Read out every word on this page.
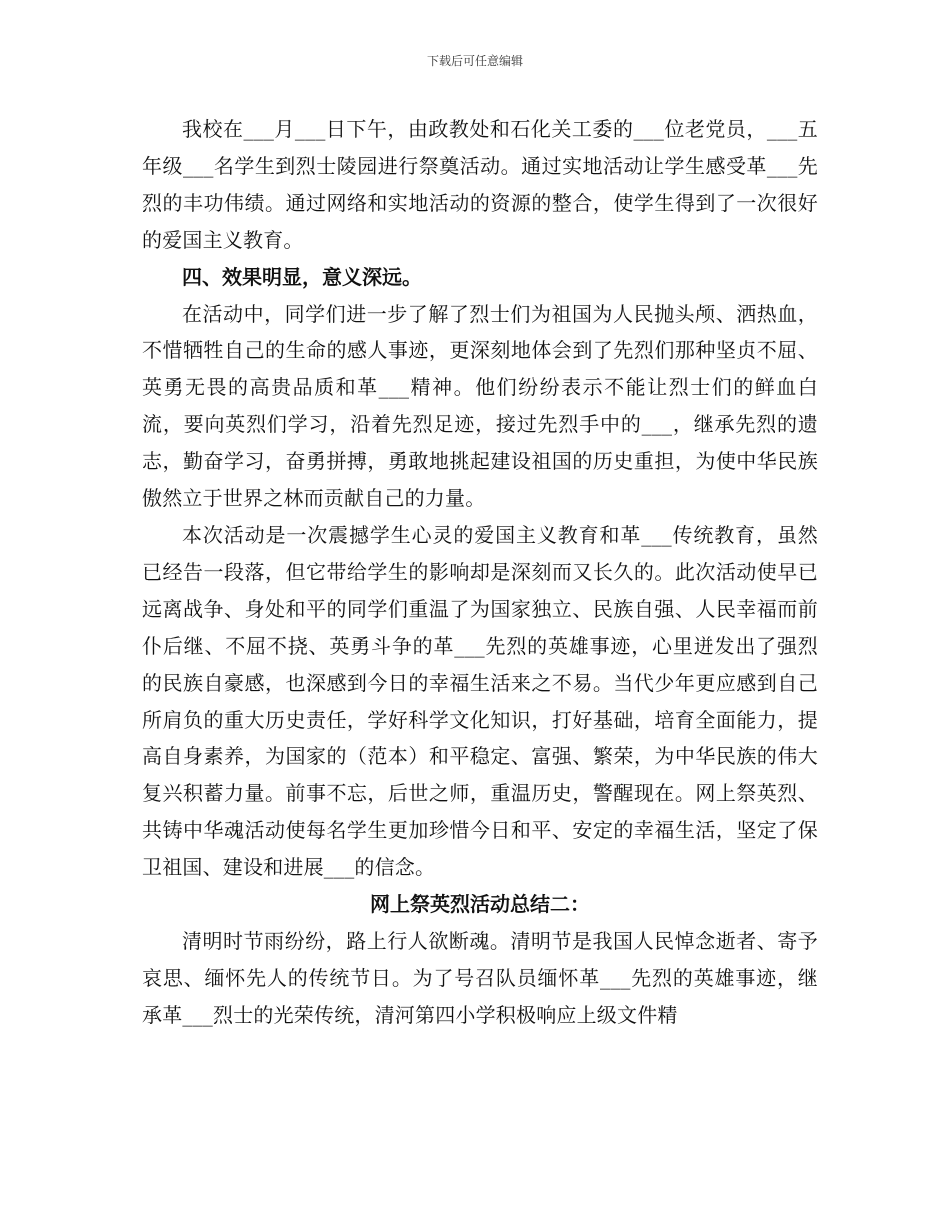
下载后可任意编辑

我校在___月___日下午，由政教处和石化关工委的___位老党员，___五年级___名学生到烈士陵园进行祭奠活动。通过实地活动让学生感受革___先烈的丰功伟绩。通过网络和实地活动的资源的整合，使学生得到了一次很好的爱国主义教育。

四、效果明显，意义深远。

在活动中，同学们进一步了解了烈士们为祖国为人民抛头颅、洒热血，不惜牺牲自己的生命的感人事迹，更深刻地体会到了先烈们那种坚贞不屈、英勇无畏的高贵品质和革___精神。他们纷纷表示不能让烈士们的鲜血白流，要向英烈们学习，沿着先烈足迹，接过先烈手中的___，继承先烈的遗志，勤奋学习，奋勇拼搏，勇敢地挑起建设祖国的历史重担，为使中华民族傲然立于世界之林而贡献自己的力量。

本次活动是一次震撼学生心灵的爱国主义教育和革___传统教育，虽然已经告一段落，但它带给学生的影响却是深刻而又长久的。此次活动使早已远离战争、身处和平的同学们重温了为国家独立、民族自强、人民幸福而前仆后继、不屈不挠、英勇斗争的革___先烈的英雄事迹，心里迸发出了强烈的民族自豪感，也深感到今日的幸福生活来之不易。当代少年更应感到自己所肩负的重大历史责任，学好科学文化知识，打好基础，培育全面能力，提高自身素养，为国家的（范本）和平稳定、富强、繁荣，为中华民族的伟大复兴积蓄力量。前事不忘，后世之师，重温历史，警醒现在。网上祭英烈、共铸中华魂活动使每名学生更加珍惜今日和平、安定的幸福生活，坚定了保卫祖国、建设和进展___的信念。

网上祭英烈活动总结二：

清明时节雨纷纷，路上行人欲断魂。清明节是我国人民悼念逝者、寄予哀思、缅怀先人的传统节日。为了号召队员缅怀革___先烈的英雄事迹，继承革___烈士的光荣传统，清河第四小学积极响应上级文件精
